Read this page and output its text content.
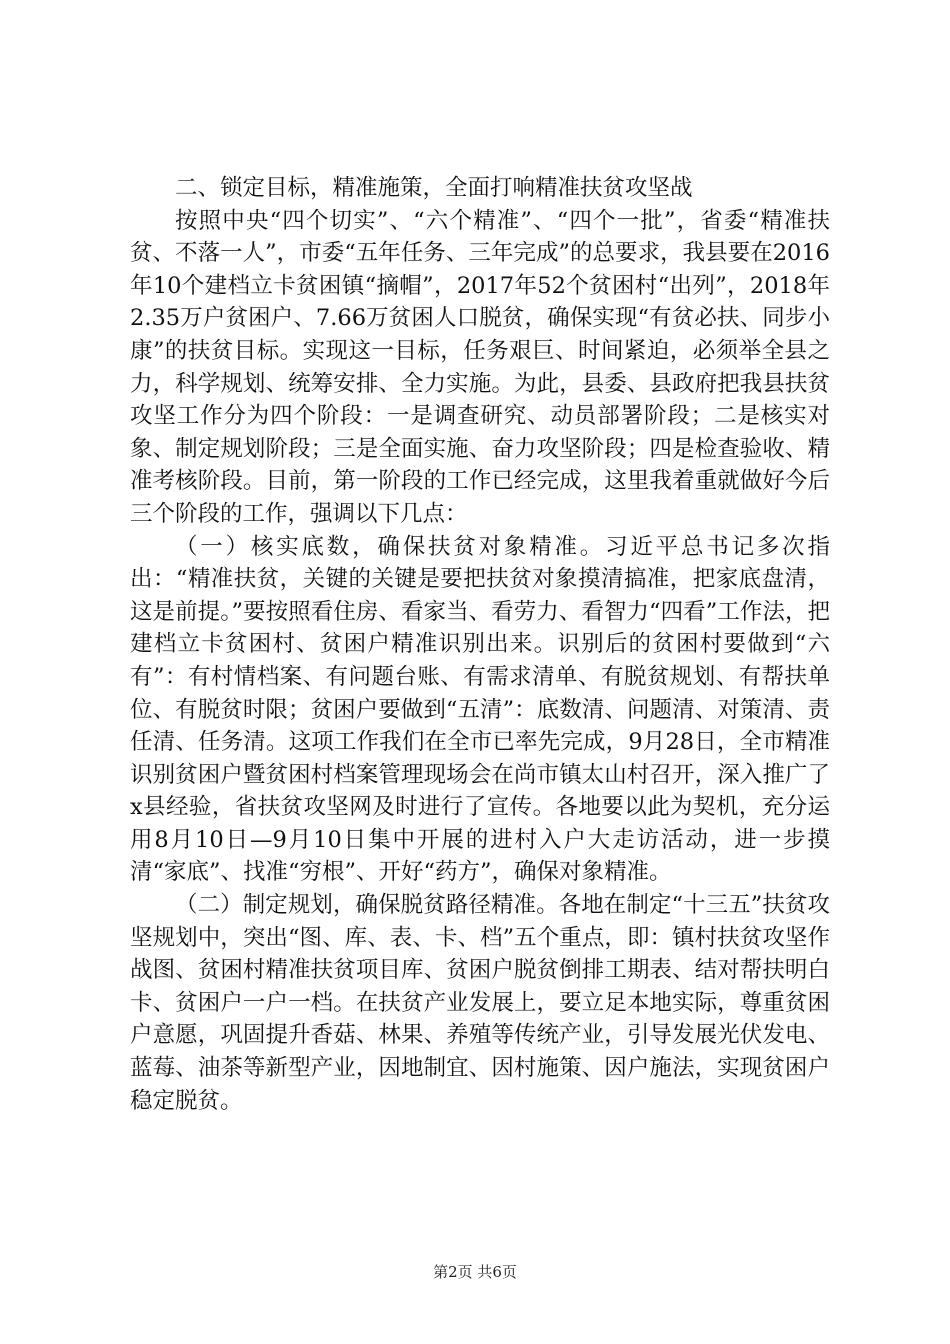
二、锁定目标，精准施策，全面打响精准扶贫攻坚战

按照中央“四个切实”、“六个精准”、“四个一批”，省委“精准扶贫、不落一人”，市委“五年任务、三年完成”的总要求，我县要在2016年10个建档立卡贫困镇“摘帽”，2017年52个贫困村“出列”，2018年2.35万户贫困户、7.66万贫困人口脱贫，确保实现“有贫必扶、同步小康”的扶贫目标。实现这一目标，任务艰巨、时间紧迫，必须举全县之力，科学规划、统筹安排、全力实施。为此，县委、县政府把我县扶贫攻坚工作分为四个阶段：一是调查研究、动员部署阶段；二是核实对象、制定规划阶段；三是全面实施、奋力攻坚阶段；四是检查验收、精准考核阶段。目前，第一阶段的工作已经完成，这里我着重就做好今后三个阶段的工作，强调以下几点：

（一）核实底数，确保扶贫对象精准。习近平总书记多次指出：“精准扶贫，关键的关键是要把扶贫对象摸清搞准，把家底盘清，这是前提。”要按照看住房、看家当、看劳力、看智力“四看”工作法，把建档立卡贫困村、贫困户精准识别出来。识别后的贫困村要做到“六有”：有村情档案、有问题台账、有需求清单、有脱贫规划、有帮扶单位、有脱贫时限；贫困户要做到“五清”：底数清、问题清、对策清、责任清、任务清。这项工作我们在全市已率先完成，9月28日，全市精准识别贫困户暨贫困村档案管理现场会在尚市镇太山村召开，深入推广了x县经验，省扶贫攻坚网及时进行了宣传。各地要以此为契机，充分运用8月10日—9月10日集中开展的进村入户大走访活动，进一步摸清“家底”、找准“穷根”、开好“药方”，确保对象精准。

（二）制定规划，确保脱贫路径精准。各地在制定“十三五”扶贫攻坚规划中，突出“图、库、表、卡、档”五个重点，即：镇村扶贫攻坚作战图、贫困村精准扶贫项目库、贫困户脱贫倒排工期表、结对帮扶明白卡、贫困户一户一档。在扶贫产业发展上，要立足本地实际，尊重贫困户意愿，巩固提升香菇、林果、养殖等传统产业，引导发展光伏发电、蓝莓、油茶等新型产业，因地制宜、因村施策、因户施法，实现贫困户稳定脱贫。

第2页 共6页
